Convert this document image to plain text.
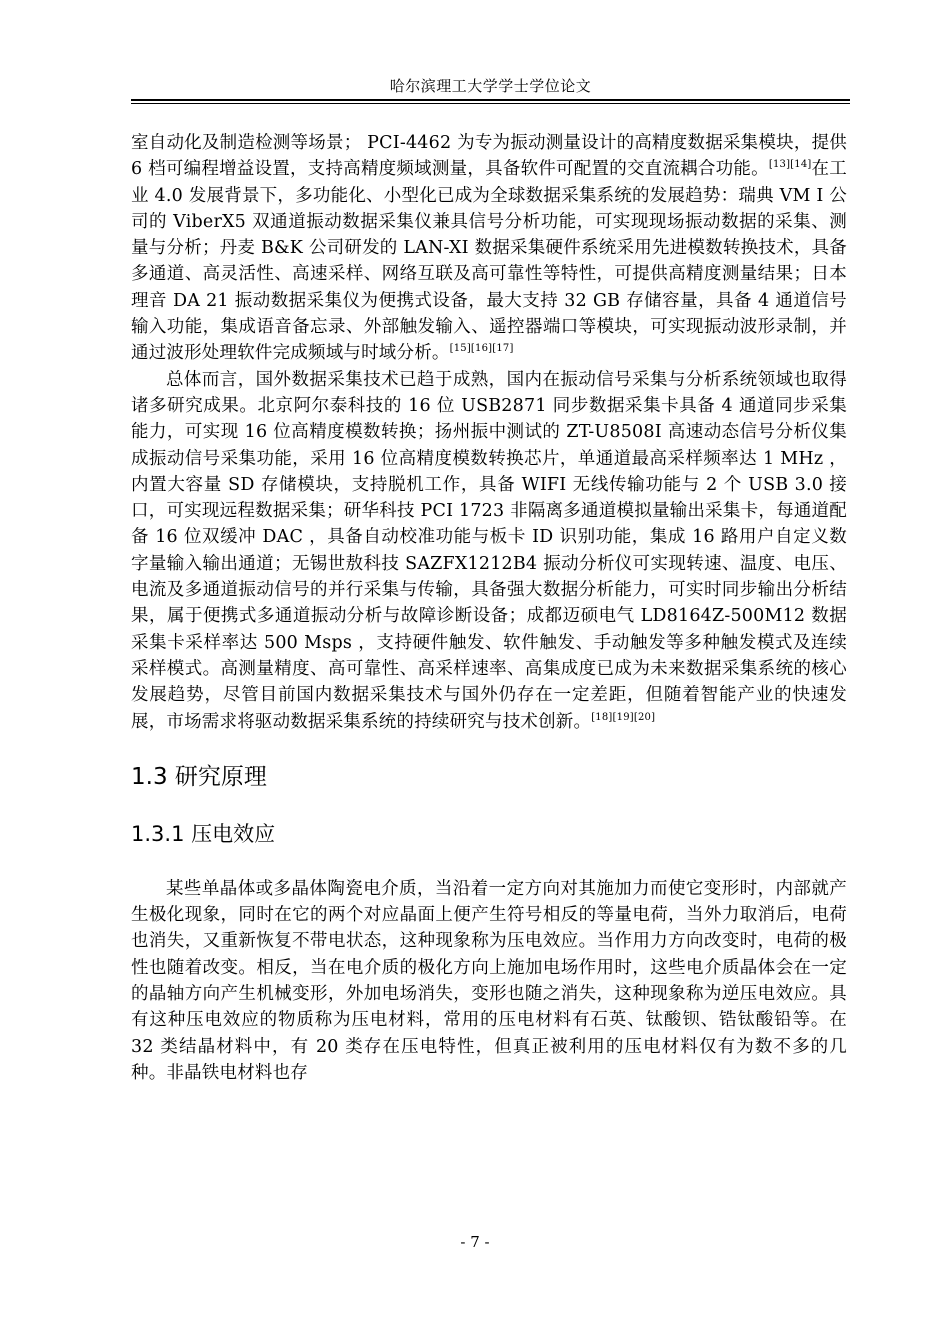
哈尔滨理工大学学士学位论文

室自动化及制造检测等场景； PCI-4462 为专为振动测量设计的高精度数据采集模块，提供 6 档可编程增益设置，支持高精度频域测量，具备软件可配置的交直流耦合功能。[13][14]在工业 4.0 发展背景下，多功能化、小型化已成为全球数据采集系统的发展趋势：瑞典 VM I 公司的 ViberX5 双通道振动数据采集仪兼具信号分析功能，可实现现场振动数据的采集、测量与分析；丹麦 B&K 公司研发的 LAN-XI 数据采集硬件系统采用先进模数转换技术，具备多通道、高灵活性、高速采样、网络互联及高可靠性等特性，可提供高精度测量结果；日本理音 DA 21 振动数据采集仪为便携式设备，最大支持 32 GB 存储容量，具备 4 通道信号输入功能，集成语音备忘录、外部触发输入、遥控器端口等模块，可实现振动波形录制，并通过波形处理软件完成频域与时域分析。[15][16][17]

总体而言，国外数据采集技术已趋于成熟，国内在振动信号采集与分析系统领域也取得诸多研究成果。北京阿尔泰科技的 16 位 USB2871 同步数据采集卡具备 4 通道同步采集能力，可实现 16 位高精度模数转换；扬州振中测试的 ZT-U8508I 高速动态信号分析仪集成振动信号采集功能，采用 16 位高精度模数转换芯片，单通道最高采样频率达 1 MHz ，内置大容量 SD 存储模块，支持脱机工作，具备 WIFI 无线传输功能与 2 个 USB 3.0 接口，可实现远程数据采集；研华科技 PCI 1723 非隔离多通道模拟量输出采集卡，每通道配备 16 位双缓冲 DAC ，具备自动校准功能与板卡 ID 识别功能，集成 16 路用户自定义数字量输入输出通道；无锡世敖科技 SAZFX1212B4 振动分析仪可实现转速、温度、电压、电流及多通道振动信号的并行采集与传输，具备强大数据分析能力，可实时同步输出分析结果，属于便携式多通道振动分析与故障诊断设备；成都迈硕电气 LD8164Z-500M12 数据采集卡采样率达 500 Msps ，支持硬件触发、软件触发、手动触发等多种触发模式及连续采样模式。高测量精度、高可靠性、高采样速率、高集成度已成为未来数据采集系统的核心发展趋势，尽管目前国内数据采集技术与国外仍存在一定差距，但随着智能产业的快速发展，市场需求将驱动数据采集系统的持续研究与技术创新。[18][19][20]

1.3 研究原理
1.3.1 压电效应

某些单晶体或多晶体陶瓷电介质，当沿着一定方向对其施加力而使它变形时，内部就产生极化现象，同时在它的两个对应晶面上便产生符号相反的等量电荷，当外力取消后，电荷也消失，又重新恢复不带电状态，这种现象称为压电效应。当作用力方向改变时，电荷的极性也随着改变。相反，当在电介质的极化方向上施加电场作用时，这些电介质晶体会在一定的晶轴方向产生机械变形，外加电场消失，变形也随之消失，这种现象称为逆压电效应。具有这种压电效应的物质称为压电材料，常用的压电材料有石英、钛酸钡、锆钛酸铅等。在 32 类结晶材料中，有 20 类存在压电特性，但真正被利用的压电材料仅有为数不多的几种。非晶铁电材料也存

- 7 -
